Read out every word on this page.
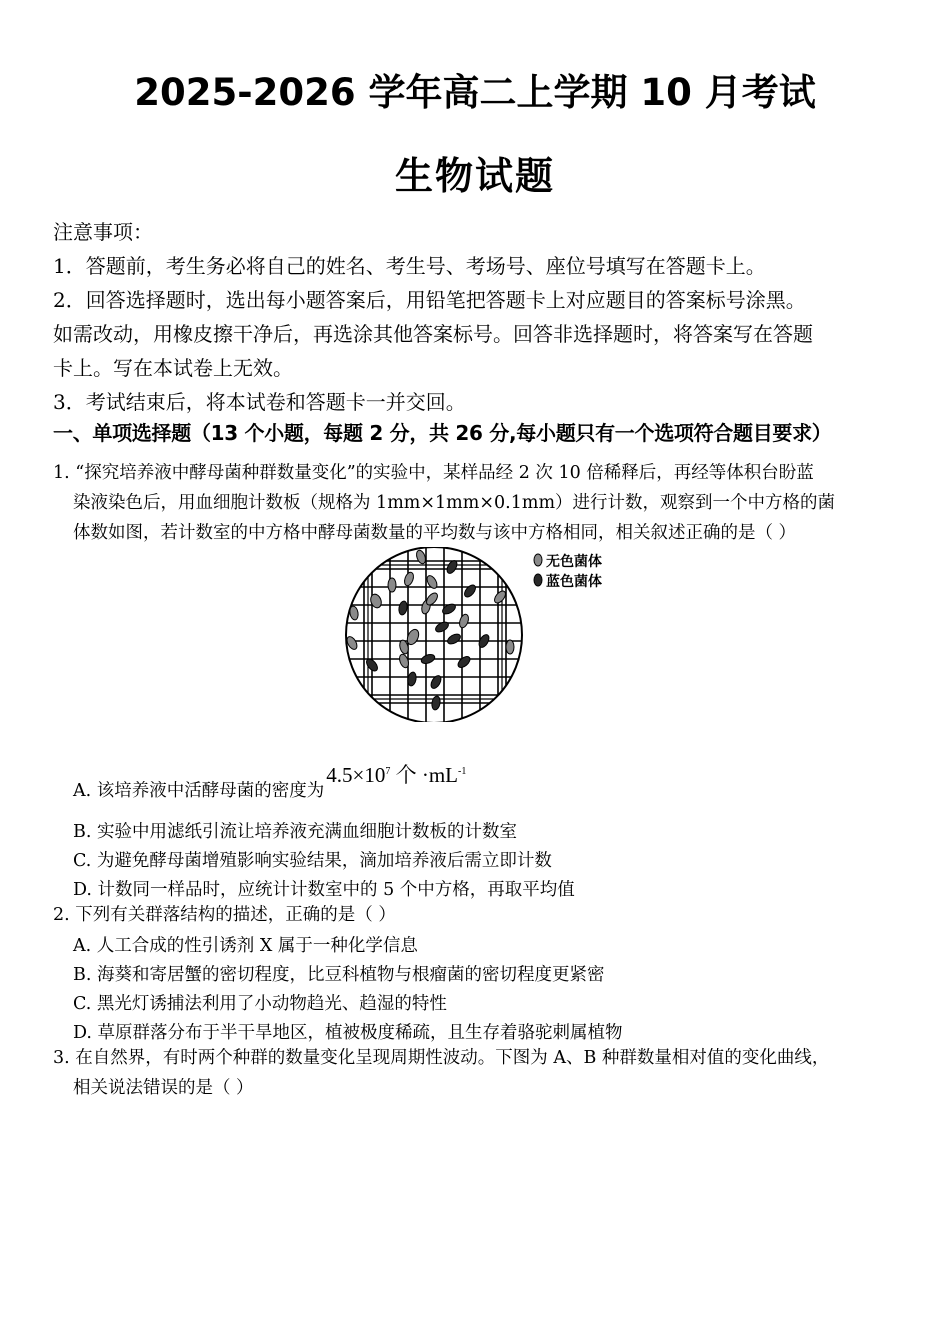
2025-2026 学年高二上学期 10 月考试
生物试题
注意事项：
1．答题前，考生务必将自己的姓名、考生号、考场号、座位号填写在答题卡上。
2．回答选择题时，选出每小题答案后，用铅笔把答题卡上对应题目的答案标号涂黑。
如需改动，用橡皮擦干净后，再选涂其他答案标号。回答非选择题时，将答案写在答题
卡上。写在本试卷上无效。
3．考试结束后，将本试卷和答题卡一并交回。
一、单项选择题（13 个小题，每题 2 分，共 26 分,每小题只有一个选项符合题目要求）
1. “探究培养液中酵母菌种群数量变化”的实验中，某样品经 2 次 10 倍稀释后，再经等体积台盼蓝
染液染色后，用血细胞计数板（规格为 1mm×1mm×0.1mm）进行计数，观察到一个中方格的菌
体数如图，若计数室的中方格中酵母菌数量的平均数与该中方格相同，相关叙述正确的是（ ）
无色菌体
蓝色菌体
A. 该培养液中活酵母菌的密度为$4.5\times 10^7$ 个 $\cdot mL^{-1}$
B. 实验中用滤纸引流让培养液充满血细胞计数板的计数室
C. 为避免酵母菌增殖影响实验结果，滴加培养液后需立即计数
D. 计数同一样品时，应统计计数室中的 5 个中方格，再取平均值
2. 下列有关群落结构的描述，正确的是（ ）
A. 人工合成的性引诱剂 X 属于一种化学信息
B. 海葵和寄居蟹的密切程度，比豆科植物与根瘤菌的密切程度更紧密
C. 黑光灯诱捕法利用了小动物趋光、趋湿的特性
D. 草原群落分布于半干旱地区，植被极度稀疏，且生存着骆驼刺属植物
3. 在自然界，有时两个种群的数量变化呈现周期性波动。下图为 A、B 种群数量相对值的变化曲线，
相关说法错误的是（ ）
